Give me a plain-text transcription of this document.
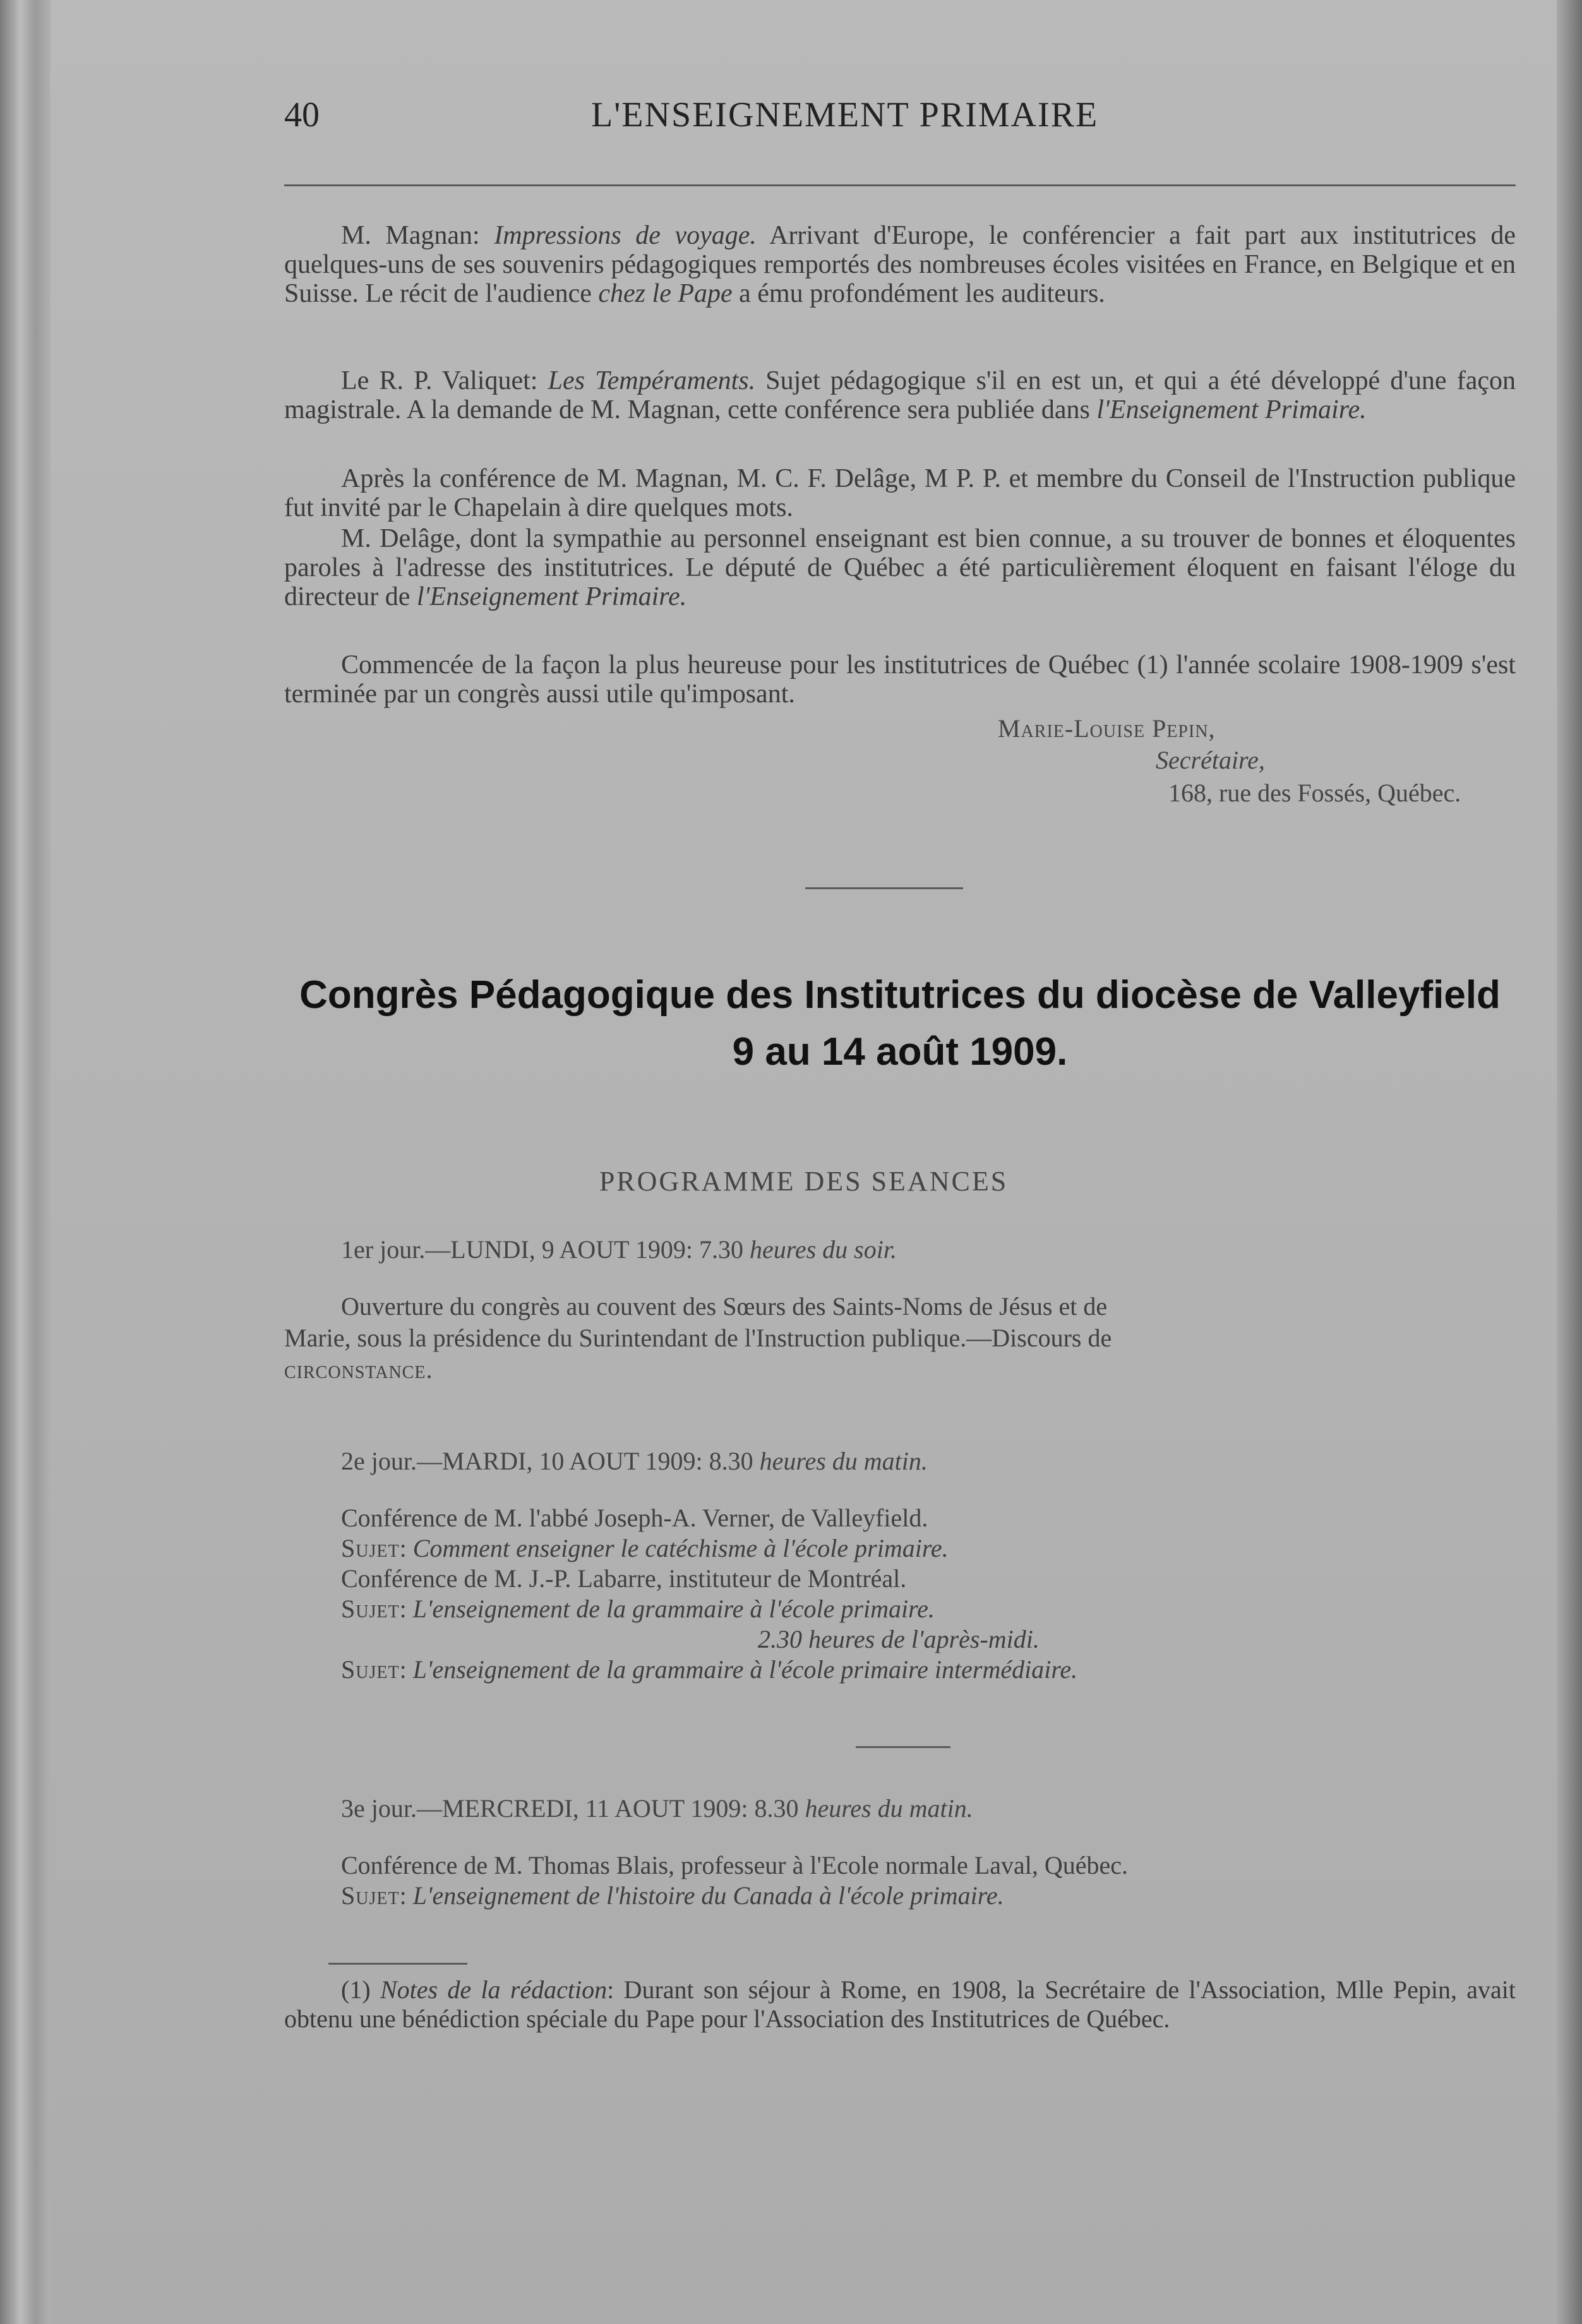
40	L'ENSEIGNEMENT PRIMAIRE
M. Magnan: Impressions de voyage. Arrivant d'Europe, le conférencier a fait part aux institutrices de quelques-uns de ses souvenirs pédagogiques remportés des nombreuses écoles visitées en France, en Belgique et en Suisse. Le récit de l'audience chez le Pape a ému profondément les auditeurs.
Le R. P. Valiquet: Les Tempéraments. Sujet pédagogique s'il en est un, et qui a été développé d'une façon magistrale. A la demande de M. Magnan, cette conférence sera publiée dans l'Enseignement Primaire.
Après la conférence de M. Magnan, M. C. F. Delâge, M P. P. et membre du Conseil de l'Instruction publique fut invité par le Chapelain à dire quelques mots.
M. Delâge, dont la sympathie au personnel enseignant est bien connue, a su trouver de bonnes et éloquentes paroles à l'adresse des institutrices. Le député de Québec a été particulièrement éloquent en faisant l'éloge du directeur de l'Enseignement Primaire.
Commencée de la façon la plus heureuse pour les institutrices de Québec (1) l'année scolaire 1908-1909 s'est terminée par un congrès aussi utile qu'imposant.
Marie-Louise Pepin,
Secrétaire,
168, rue des Fossés, Québec.
Congrès Pédagogique des Institutrices du diocèse de Valleyfield
9 au 14 août 1909.
PROGRAMME DES SEANCES
1er jour.—LUNDI, 9 AOUT 1909: 7.30 heures du soir.
Ouverture du congrès au couvent des Sœurs des Saints-Noms de Jésus et de
Marie, sous la présidence du Surintendant de l'Instruction publique.—Discours de
circonstance.
2e jour.—MARDI, 10 AOUT 1909: 8.30 heures du matin.
Conférence de M. l'abbé Joseph-A. Verner, de Valleyfield.
Sujet: Comment enseigner le catéchisme à l'école primaire.
Conférence de M. J.-P. Labarre, instituteur de Montréal.
Sujet: L'enseignement de la grammaire à l'école primaire.
2.30 heures de l'après-midi.
Sujet: L'enseignement de la grammaire à l'école primaire intermédiaire.
3e jour.—MERCREDI, 11 AOUT 1909: 8.30 heures du matin.
Conférence de M. Thomas Blais, professeur à l'Ecole normale Laval, Québec.
Sujet: L'enseignement de l'histoire du Canada à l'école primaire.
(1) Notes de la rédaction: Durant son séjour à Rome, en 1908, la Secrétaire de l'Association, Mlle Pepin, avait obtenu une bénédiction spéciale du Pape pour l'Association des Institutrices de Québec.
